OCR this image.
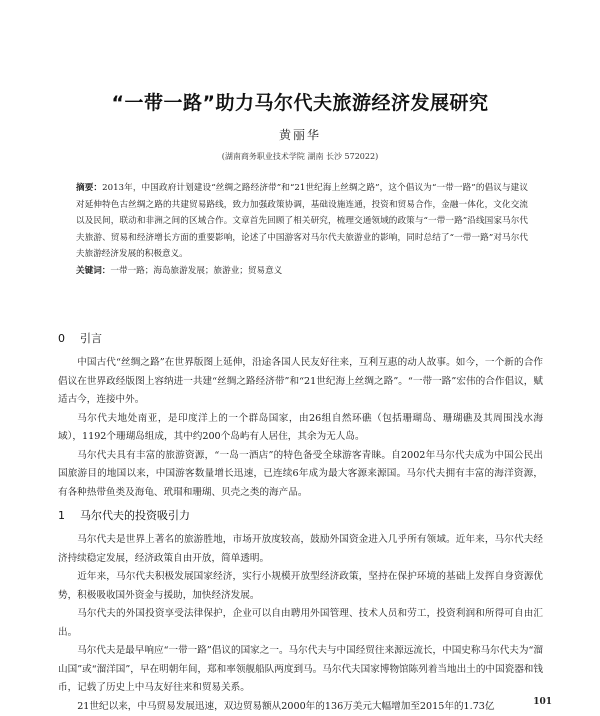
“一带一路”助力马尔代夫旅游经济发展研究
黄丽华
(湖南商务职业技术学院 湖南 长沙 572022)
摘要：2013年，中国政府计划建设“丝绸之路经济带”和“21世纪海上丝绸之路”，这个倡议为“一带一路”的倡议与建议对延伸特色古丝绸之路的共建贸易路线，致力加强政策协调，基础设施连通，投资和贸易合作，金融一体化，文化交流以及民间，联动和非洲之间的区域合作。文章首先回顾了相关研究，梳理交通领域的政策与“一带一路”沿线国家马尔代夫旅游、贸易和经济增长方面的重要影响，论述了中国游客对马尔代夫旅游业的影响，同时总结了“一带一路”对马尔代夫旅游经济发展的积极意义。
关键词：一带一路；海岛旅游发展；旅游业；贸易意义
0 引言

中国古代“丝绸之路”在世界版图上延伸，沿途各国人民友好往来，互利互惠的动人故事。如今，一个新的合作倡议在世界政经版图上容纳进一共建“丝绸之路经济带”和“21世纪海上丝绸之路”。“一带一路”宏伟的合作倡议，赋适古今，连接中外。

马尔代夫地处南亚，是印度洋上的一个群岛国家，由26组自然环礁（包括珊瑚岛、珊瑚礁及其周围浅水海域），1192个珊瑚岛组成，其中约200个岛屿有人居住，其余为无人岛。

马尔代夫具有丰富的旅游资源，“一岛一酒店”的特色备受全球游客青睐。自2002年马尔代夫成为中国公民出国旅游目的地国以来，中国游客数量增长迅速，已连续6年成为最大客源来源国。马尔代夫拥有丰富的海洋资源，有各种热带鱼类及海龟、玳瑁和珊瑚、贝壳之类的海产品。

1 马尔代夫的投资吸引力

马尔代夫是世界上著名的旅游胜地，市场开放度较高，鼓励外国资金进入几乎所有领域。近年来，马尔代夫经济持续稳定发展，经济政策自由开放，简单透明。

近年来，马尔代夫积极发展国家经济，实行小规模开放型经济政策，坚持在保护环境的基础上发挥自身资源优势，积极吸收国外资金与援助，加快经济发展。

马尔代夫的外国投资享受法律保护，企业可以自由聘用外国管理、技术人员和劳工，投资利润和所得可自由汇出。

马尔代夫是最早响应“一带一路”倡议的国家之一。马尔代夫与中国经贸往来源远流长，中国史称马尔代夫为“溜山国”或“溜洋国”，早在明朝年间，郑和率领舰船队两度到马。马尔代夫国家博物馆陈列着当地出土的中国瓷器和钱币，记载了历史上中马友好往来和贸易关系。

21世纪以来，中马贸易发展迅速，双边贸易额从2000年的136万美元大幅增加至2015年的1.73亿	101
